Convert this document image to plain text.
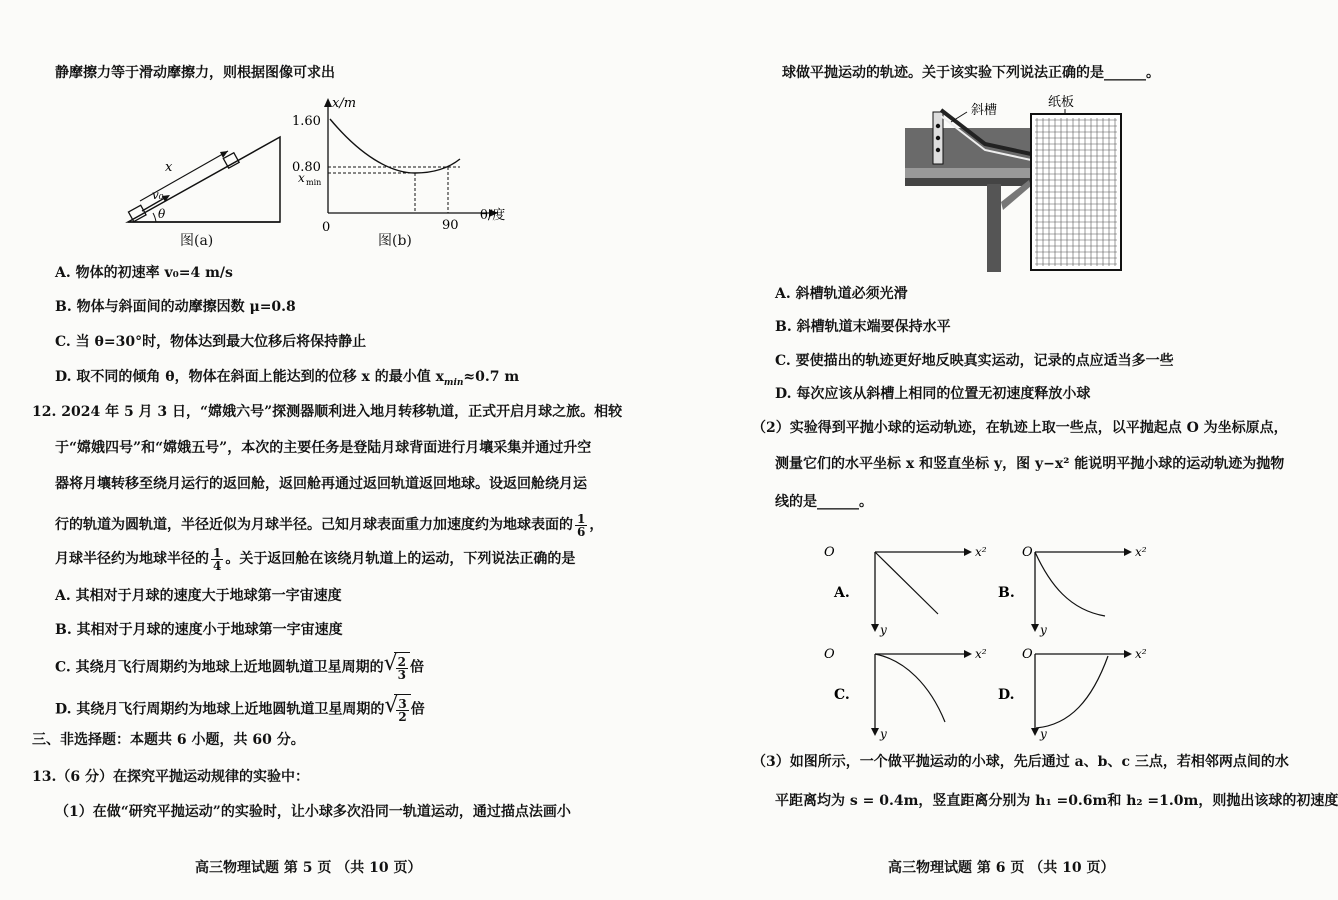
静摩擦力等于滑动摩擦力，则根据图像可求出
x
v₀
θ
图(a)
x/m
1.60
0.80
x min
0	90
θ/度
图(b)
A. 物体的初速率 v₀=4 m/s
B. 物体与斜面间的动摩擦因数 μ=0.8
C. 当 θ=30°时，物体达到最大位移后将保持静止
D. 取不同的倾角 θ，物体在斜面上能达到的位移 x 的最小值 $x_{min}\approx 0.7$ m
12. 2024 年 5 月 3 日，“嫦娥六号”探测器顺利进入地月转移轨道，正式开启月球之旅。相较
于“嫦娥四号”和“嫦娥五号”，本次的主要任务是登陆月球背面进行月壤采集并通过升空
器将月壤转移至绕月运行的返回舱，返回舱再通过返回轨道返回地球。设返回舱绕月运
行的轨道为圆轨道，半径近似为月球半径。己知月球表面重力加速度约为地球表面的 $\frac{1}{6}$ ，
月球半径约为地球半径的 $\frac{1}{4}$ 。关于返回舱在该绕月轨道上的运动，下列说法正确的是
A. 其相对于月球的速度大于地球第一宇宙速度
B. 其相对于月球的速度小于地球第一宇宙速度
C. 其绕月飞行周期约为地球上近地圆轨道卫星周期的 √
$\frac{2}{3}$ 倍
D. 其绕月飞行周期约为地球上近地圆轨道卫星周期的 √
$\frac{3}{2}$ 倍
三、非选择题：本题共 6 小题，共 60 分。
13.（6 分）在探究平抛运动规律的实验中：
（1）在做“研究平抛运动”的实验时，让小球多次沿同一轨道运动，通过描点法画小
高三物理试题 第 5 页 （共 10 页）
球做平抛运动的轨迹。关于该实验下列说法正确的是______。
斜槽
纸板
A. 斜槽轨道必须光滑
B. 斜槽轨道末端要保持水平
C. 要使描出的轨迹更好地反映真实运动，记录的点应适当多一些
D. 每次应该从斜槽上相同的位置无初速度释放小球
（2）实验得到平抛小球的运动轨迹，在轨迹上取一些点，以平抛起点 O 为坐标原点，
测量它们的水平坐标 x 和竖直坐标 y，图 y−x² 能说明平抛小球的运动轨迹为抛物
线的是______。
A.
O	x²
y
B.
O	x²
y
C.
O	x²
y
D.
O	x²
y
（3）如图所示，一个做平抛运动的小球，先后通过 a、b、c 三点，若相邻两点间的水
平距离均为 s = 0.4m，竖直距离分别为 h₁ =0.6m和 h₂ =1.0m，则抛出该球的初速度
高三物理试题 第 6 页 （共 10 页）
